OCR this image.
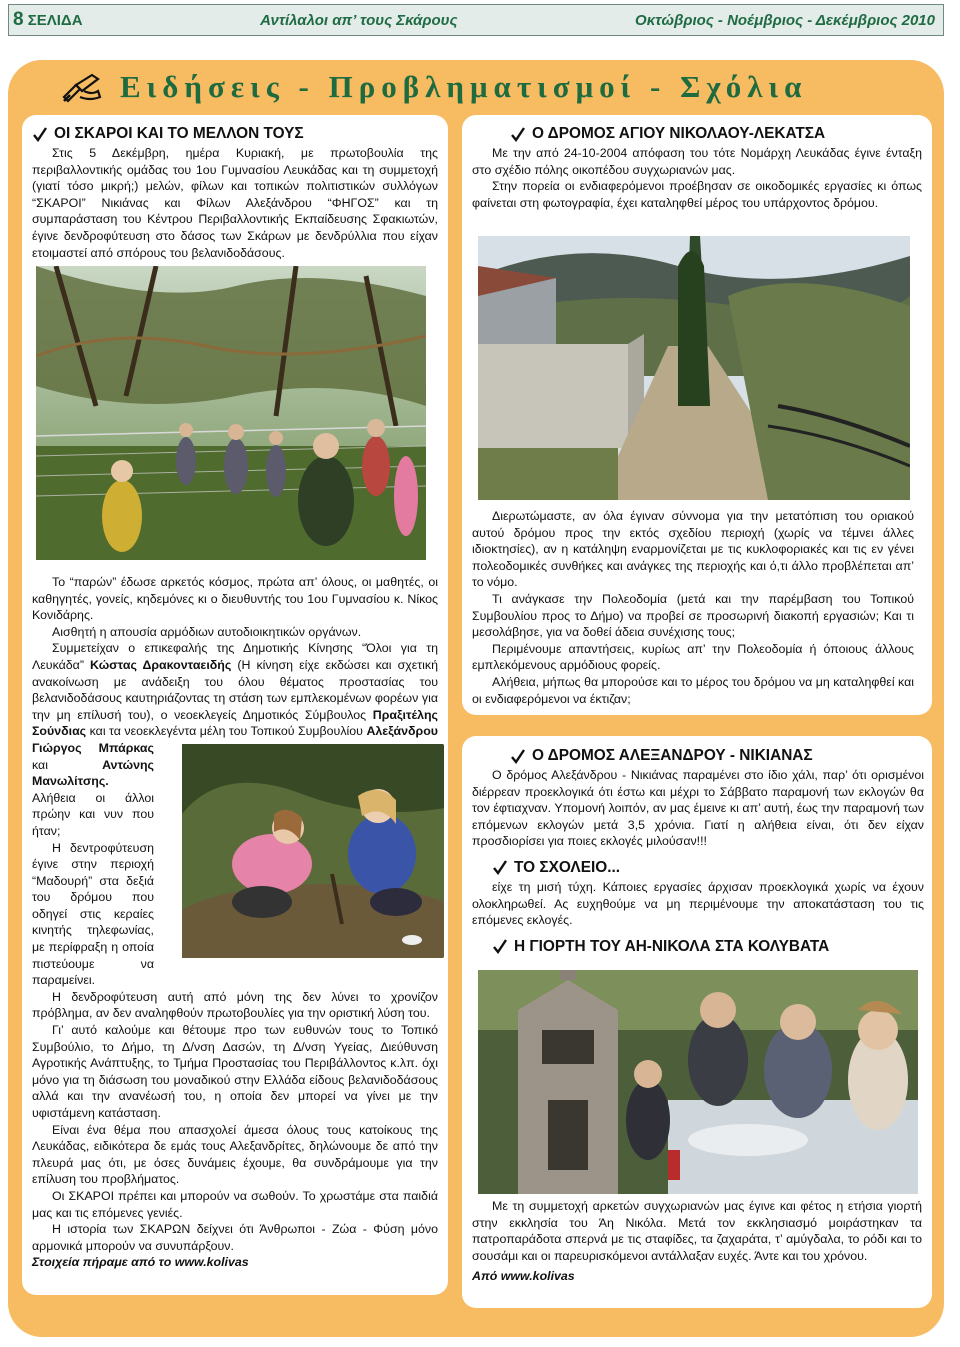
8 ΣΕΛΙΔΑ	Αντίλαλοι απ’ τους Σκάρους	Οκτώβριος - Νοέμβριος - Δεκέμβριος 2010
Ειδήσεις - Προβληματισμοί - Σχόλια
ΟΙ ΣΚΑΡΟΙ ΚΑΙ ΤΟ ΜΕΛΛΟΝ ΤΟΥΣ

Στις 5 Δεκέμβρη, ημέρα Κυριακή, με πρωτοβουλία της περιβαλλοντικής ομάδας του 1ου Γυμνασίου Λευκάδας και τη συμμετοχή (γιατί τόσο μικρή;) μελών, φίλων και τοπικών πολιτιστικών συλλόγων “ΣΚΑΡΟΙ” Νικιάνας και Φίλων Αλεξάνδρου “ΦΗΓΟΣ” και τη συμπαράσταση του Κέντρου Περιβαλλοντικής Εκπαίδευσης Σφακιωτών, έγινε δενδροφύτευση στο δάσος των Σκάρων με δενδρύλλια που είχαν ετοιμαστεί από σπόρους του βελανιδοδάσους.

Το “παρών” έδωσε αρκετός κόσμος, πρώτα απ’ όλους, οι μαθητές, οι καθηγητές, γονείς, κηδεμόνες κι ο διευθυντής του 1ου Γυμνασίου κ. Νίκος Κονιδάρης.

Αισθητή η απουσία αρμόδιων αυτοδιοικητικών οργάνων.

Συμμετείχαν ο επικεφαλής της Δημοτικής Κίνησης “Όλοι για τη Λευκάδα” Κώστας Δρακονταειδής (Η κίνηση είχε εκδώσει και σχετική ανακοίνωση με ανάδειξη του όλου θέματος προστασίας του βελανιδοδάσους καυτηριάζοντας τη στάση των εμπλεκομένων φορέων για την μη επίλυσή του), ο νεοεκλεγείς Δημοτικός Σύμβουλος Πραξιτέλης Σούνδιας και τα νεοεκλεγέντα μέλη του Τοπικού Συμβουλίου Αλεξάνδρου Γιώργος Μπάρκας και	Αντώνης Μανωλίτσης. Αλήθεια οι άλλοι πρώην και νυν που ήταν;

Η δεντροφύτευση έγινε στην περιοχή “Μαδουρή” στα δεξιά του δρόμου που οδηγεί στις κεραίες κινητής τηλεφωνίας, με περίφραξη η οποία πιστεύουμε να παραμείνει.

Η δενδροφύτευση αυτή από μόνη της δεν λύνει το χρονίζον πρόβλημα, αν δεν αναληφθούν πρωτοβουλίες για την οριστική λύση του.

Γι’ αυτό καλούμε και θέτουμε προ των ευθυνών τους το Τοπικό Συμβούλιο, το Δήμο, τη Δ/νση Δασών, τη Δ/νση Υγείας, Διεύθυνση Αγροτικής Ανάπτυξης, το Τμήμα Προστασίας του Περιβάλλοντος κ.λπ. όχι μόνο για τη διάσωση του μοναδικού στην Ελλάδα είδους βελανιδοδάσους αλλά και την ανανέωσή του, η οποία δεν μπορεί να γίνει με την υφιστάμενη κατάσταση.

Είναι ένα θέμα που απασχολεί άμεσα όλους τους κατοίκους της Λευκάδας, ειδικότερα δε εμάς τους Αλεξανδρίτες, δηλώνουμε δε από την πλευρά μας ότι, με όσες δυνάμεις έχουμε, θα συνδράμουμε για την επίλυση του προβλήματος.

Οι ΣΚΑΡΟΙ πρέπει και μπορούν να σωθούν. Το χρωστάμε στα παιδιά μας και τις επόμενες γενιές.

Η ιστορία των ΣΚΑΡΩΝ δείχνει ότι Άνθρωποι - Ζώα - Φύση μόνο αρμονικά μπορούν να συνυπάρξουν.

Στοιχεία πήραμε από το www.kolivas

Ο ΔΡΟΜΟΣ ΑΓΙΟΥ ΝΙΚΟΛΑΟΥ-ΛΕΚΑΤΣΑ

Με την από 24-10-2004 απόφαση του τότε Νομάρχη Λευκάδας έγινε ένταξη στο σχέδιο πόλης οικοπέδου συγχωριανών μας.

Στην πορεία οι ενδιαφερόμενοι προέβησαν σε οικοδομικές εργασίες κι όπως φαίνεται στη φωτογραφία, έχει καταληφθεί μέρος του υπάρχοντος δρόμου.

Διερωτώμαστε, αν όλα έγιναν σύννομα για την μετατόπιση του οριακού αυτού δρόμου προς την εκτός σχεδίου περιοχή (χωρίς να τέμνει άλλες ιδιοκτησίες), αν η κατάληψη εναρμονίζεται με τις κυκλοφοριακές και τις εν γένει πολεοδομικές συνθήκες και ανάγκες της περιοχής και ό,τι άλλο προβλέπεται απ’ το νόμο.

Τι ανάγκασε την Πολεοδομία (μετά και την παρέμβαση του Τοπικού Συμβουλίου προς το Δήμο) να προβεί σε προσωρινή διακοπή εργασιών; Και τι μεσολάβησε, για να δοθεί άδεια συνέχισης τους;

Περιμένουμε απαντήσεις, κυρίως απ’ την Πολεοδομία ή όποιους άλλους εμπλεκόμενους αρμόδιους φορείς.

Αλήθεια, μήπως θα μπορούσε και το μέρος του δρόμου να μη καταληφθεί και οι ενδιαφερόμενοι να έκτιζαν;

Ο ΔΡΟΜΟΣ ΑΛΕΞΑΝΔΡΟΥ - ΝΙΚΙΑΝΑΣ

Ο δρόμος Αλεξάνδρου - Νικιάνας παραμένει στο ίδιο χάλι, παρ’ ότι ορισμένοι διέρρεαν προεκλογικά ότι έστω και μέχρι το Σάββατο παραμονή των εκλογών θα τον έφτιαχναν. Υπομονή λοιπόν, αν μας έμεινε κι απ’ αυτή, έως την παραμονή των επόμενων εκλογών μετά 3,5 χρόνια. Γιατί η αλήθεια είναι, ότι δεν είχαν προσδιορίσει για ποιες εκλογές μιλούσαν!!!

ΤΟ ΣΧΟΛΕΙΟ...

είχε τη μισή τύχη. Κάποιες εργασίες άρχισαν προεκλογικά χωρίς να έχουν ολοκληρωθεί. Ας ευχηθούμε να μη περιμένουμε την αποκατάσταση του τις επόμενες εκλογές.

Η ΓΙΟΡΤΗ ΤΟΥ ΑΗ-ΝΙΚΟΛΑ ΣΤΑ ΚΟΛΥΒΑΤΑ

Με τη συμμετοχή αρκετών συγχωριανών μας έγινε και φέτος η ετήσια γιορτή στην εκκλησία του Άη Νικόλα. Μετά τον εκκλησιασμό μοιράστηκαν τα πατροπαράδοτα σπερνά με τις σταφίδες, τα ζαχαράτα, τ’ αμύγδαλα, το ρόδι και το σουσάμι και οι παρευρισκόμενοι αντάλλαξαν ευχές. Άντε και του χρόνου.

Από www.kolivas
